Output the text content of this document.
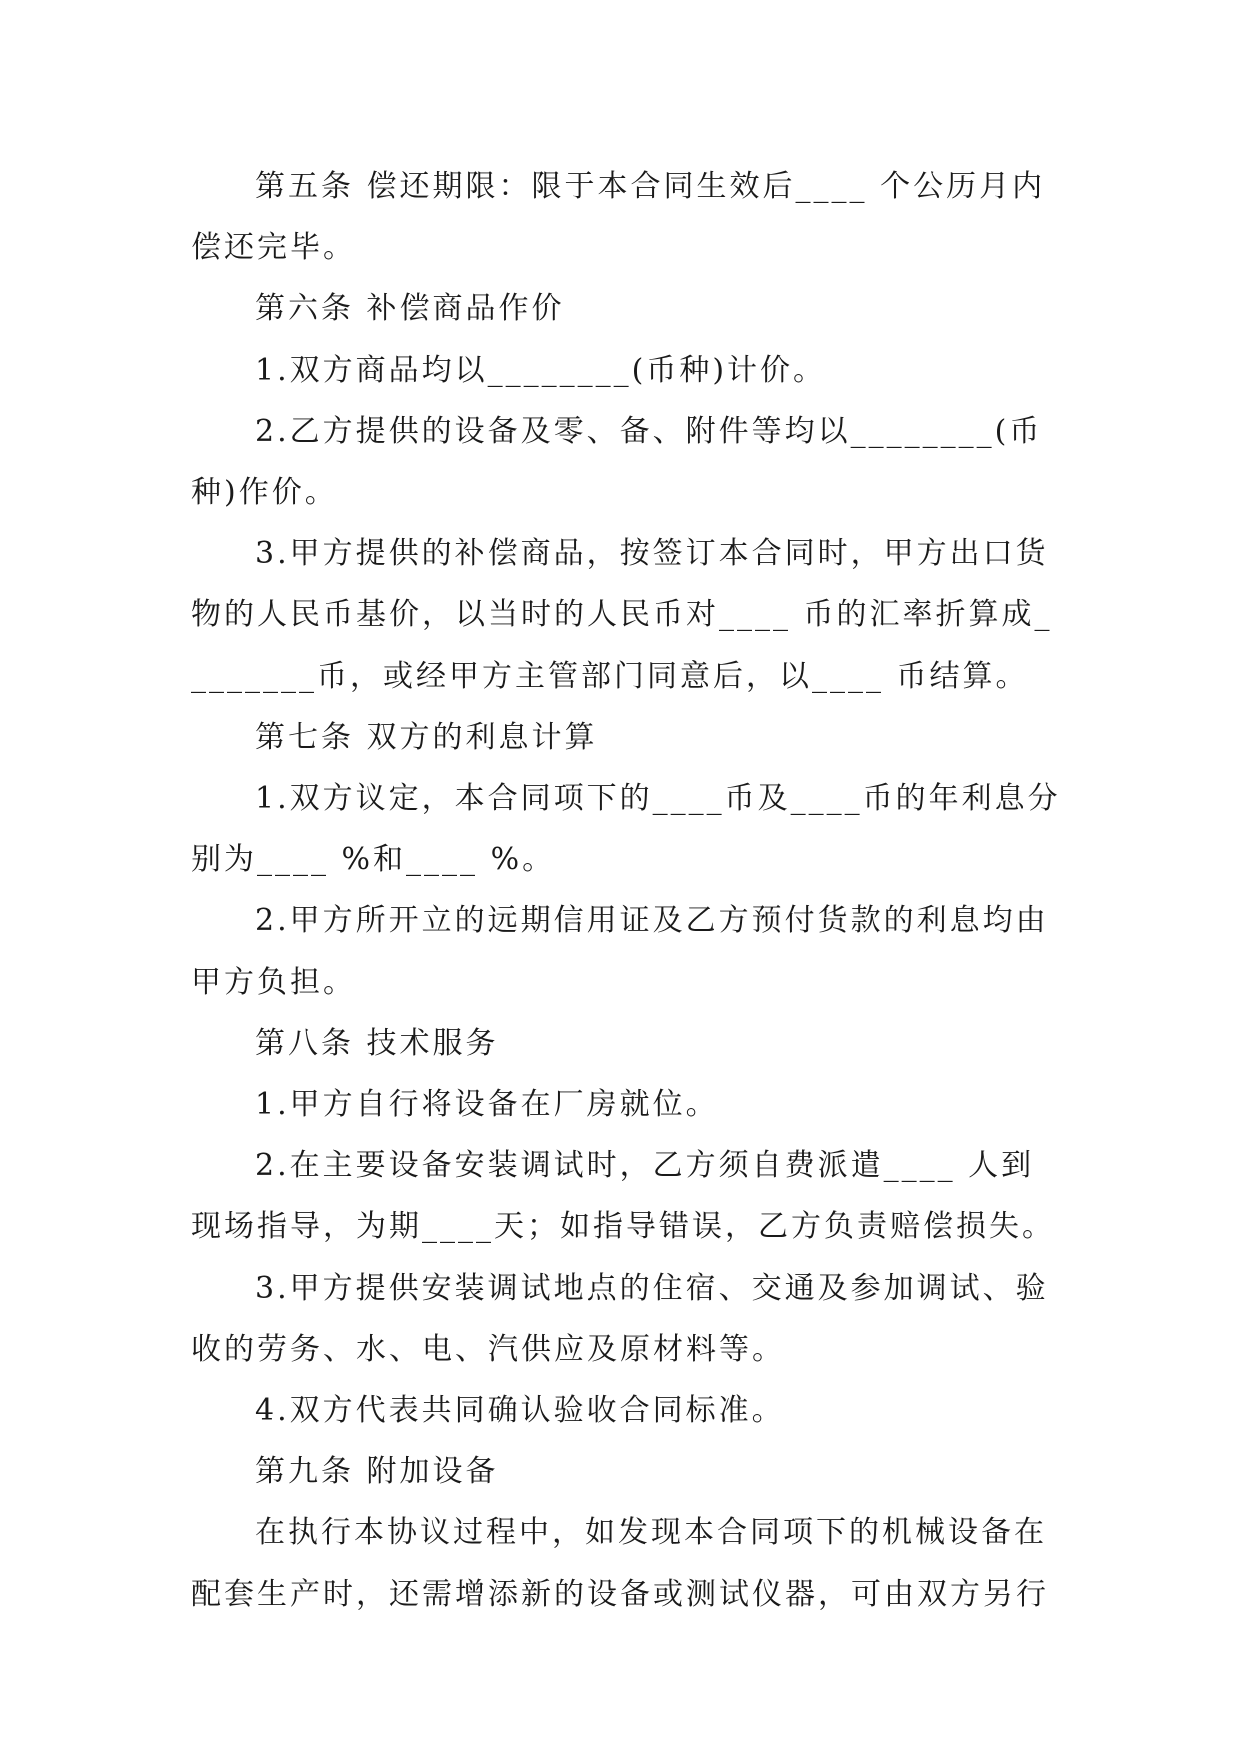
第五条 偿还期限：限于本合同生效后____ 个公历月内偿还完毕。

第六条 补偿商品作价

1.双方商品均以________(币种)计价。

2.乙方提供的设备及零、备、附件等均以________(币种)作价。

3.甲方提供的补偿商品，按签订本合同时，甲方出口货物的人民币基价，以当时的人民币对____ 币的汇率折算成________币，或经甲方主管部门同意后，以____ 币结算。

第七条 双方的利息计算

1.双方议定，本合同项下的____币及____币的年利息分别为____ %和____ %。

2.甲方所开立的远期信用证及乙方预付货款的利息均由甲方负担。

第八条 技术服务

1.甲方自行将设备在厂房就位。

2.在主要设备安装调试时，乙方须自费派遣____ 人到现场指导，为期____天；如指导错误，乙方负责赔偿损失。

3.甲方提供安装调试地点的住宿、交通及参加调试、验收的劳务、水、电、汽供应及原材料等。

4.双方代表共同确认验收合同标准。

第九条 附加设备

在执行本协议过程中，如发现本合同项下的机械设备在配套生产时，还需增添新的设备或测试仪器，可由双方另行
